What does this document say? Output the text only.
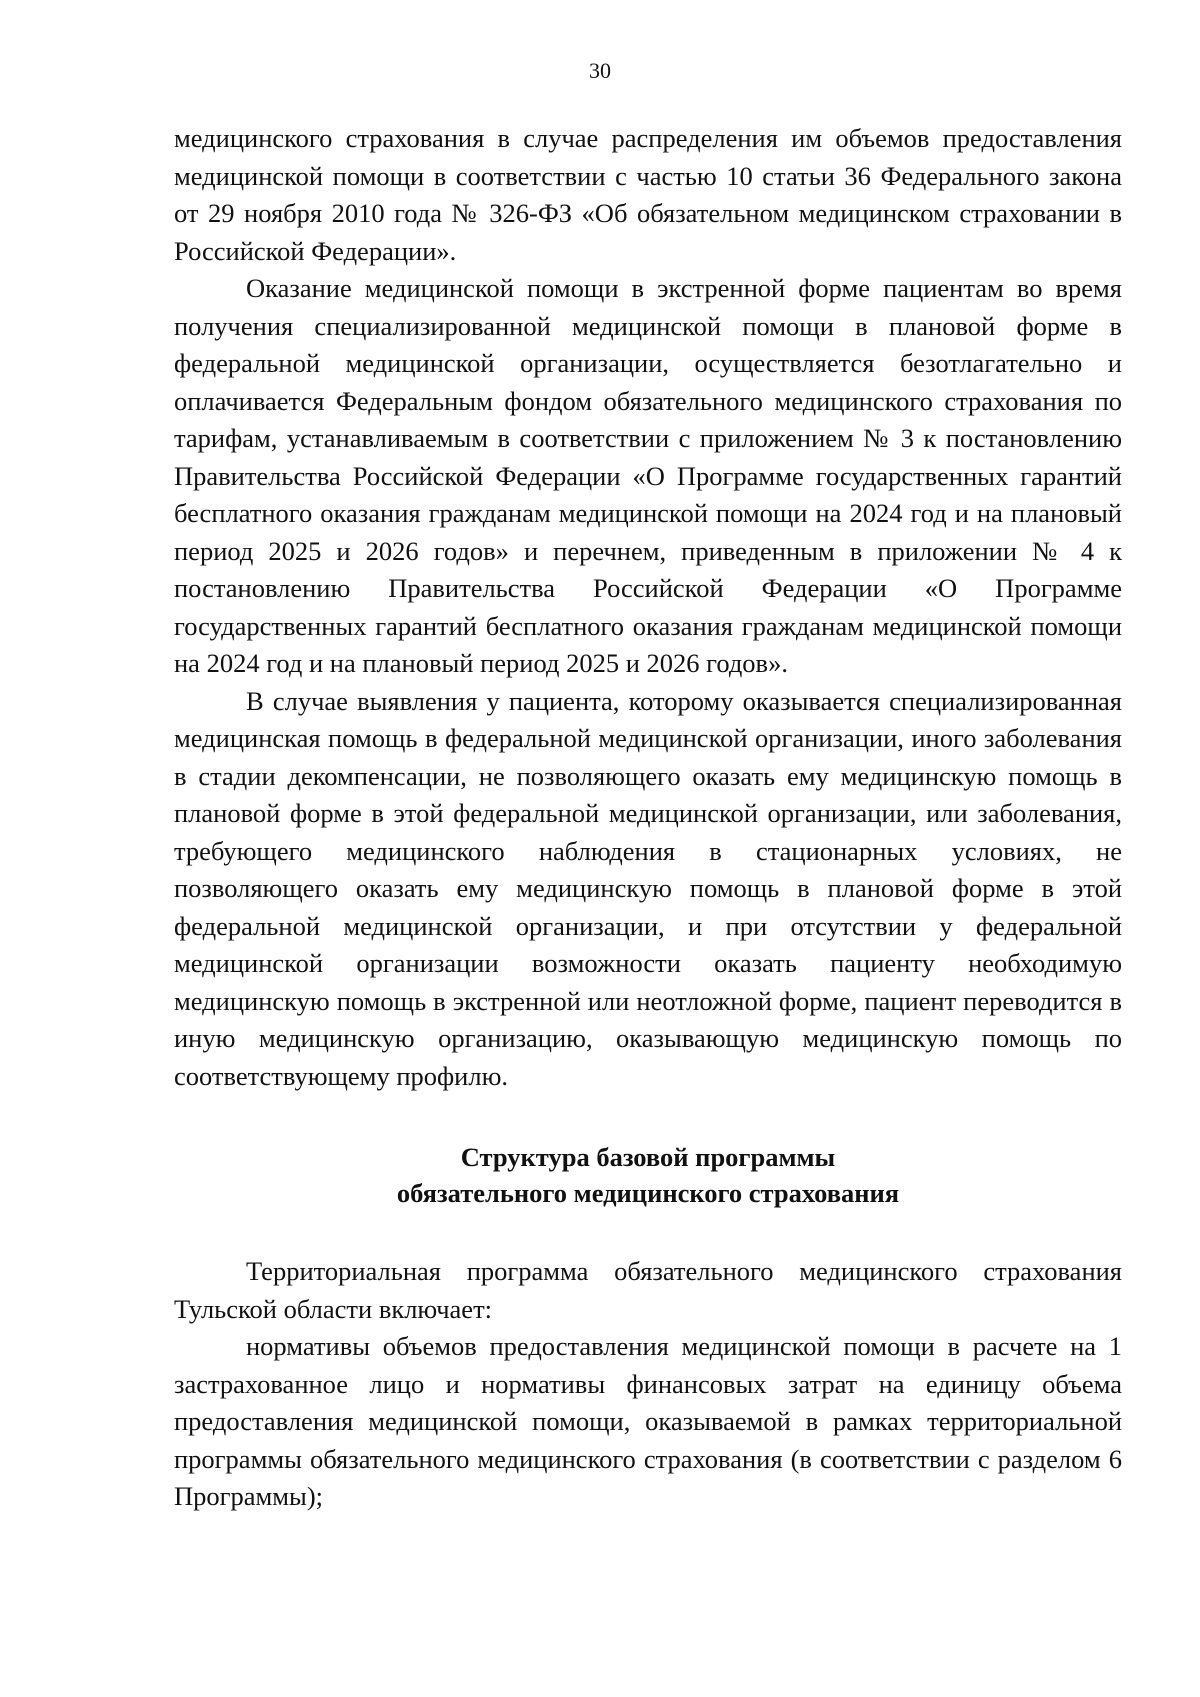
30

медицинского страхования в случае распределения им объемов предоставления медицинской помощи в соответствии с частью 10 статьи 36 Федерального закона от 29 ноября 2010 года № 326-ФЗ «Об обязательном медицинском страховании в Российской Федерации».

Оказание медицинской помощи в экстренной форме пациентам во время получения специализированной медицинской помощи в плановой форме в федеральной медицинской организации, осуществляется безотлагательно и оплачивается Федеральным фондом обязательного медицинского страхования по тарифам, устанавливаемым в соответствии с приложением № 3 к постановлению Правительства Российской Федерации «О Программе государственных гарантий бесплатного оказания гражданам медицинской помощи на 2024 год и на плановый период 2025 и 2026 годов» и перечнем, приведенным в приложении № 4 к постановлению Правительства Российской Федерации «О Программе государственных гарантий бесплатного оказания гражданам медицинской помощи на 2024 год и на плановый период 2025 и 2026 годов».

В случае выявления у пациента, которому оказывается специализированная медицинская помощь в федеральной медицинской организации, иного заболевания в стадии декомпенсации, не позволяющего оказать ему медицинскую помощь в плановой форме в этой федеральной медицинской организации, или заболевания, требующего медицинского наблюдения в стационарных условиях, не позволяющего оказать ему медицинскую помощь в плановой форме в этой федеральной медицинской организации, и при отсутствии у федеральной медицинской организации возможности оказать пациенту необходимую медицинскую помощь в экстренной или неотложной форме, пациент переводится в иную медицинскую организацию, оказывающую медицинскую помощь по соответствующему профилю.

Структура базовой программы
обязательного медицинского страхования

Территориальная программа обязательного медицинского страхования Тульской области включает:

нормативы объемов предоставления медицинской помощи в расчете на 1 застрахованное лицо и нормативы финансовых затрат на единицу объема предоставления медицинской помощи, оказываемой в рамках территориальной программы обязательного медицинского страхования (в соответствии с разделом 6 Программы);
